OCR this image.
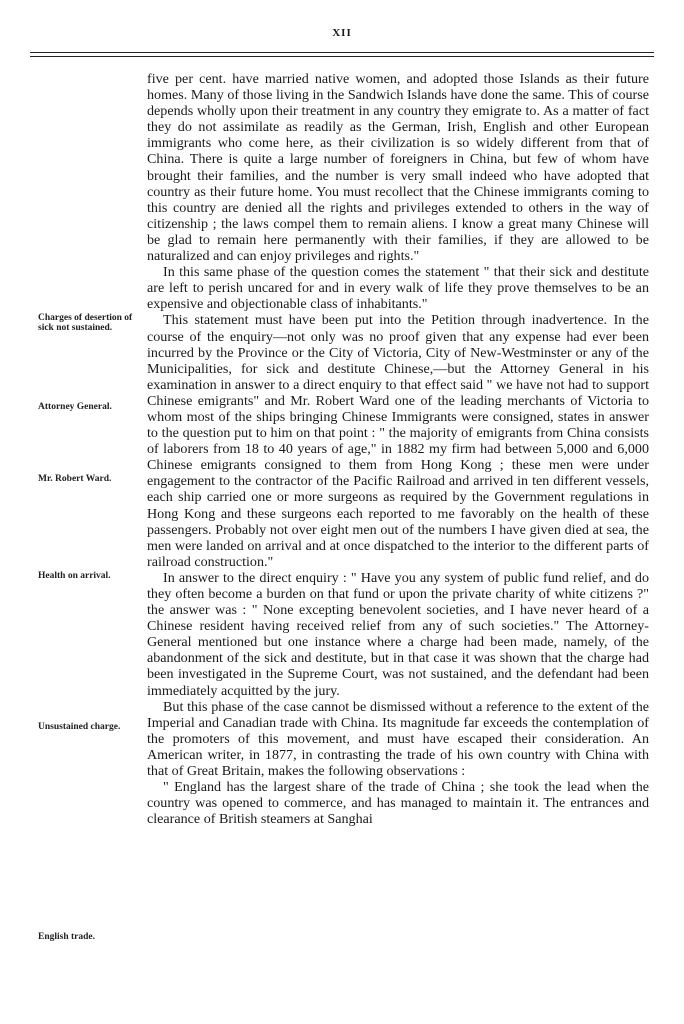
XII
Charges of desertion of sick not sustained.
Attorney General.
Mr. Robert Ward.
Health on arrival.
Unsustained charge.
English trade.

five per cent. have married native women, and adopted those Islands as their future homes. Many of those living in the Sandwich Islands have done the same. This of course depends wholly upon their treatment in any country they emigrate to. As a matter of fact they do not assimilate as readily as the German, Irish, English and other European immigrants who come here, as their civilization is so widely different from that of China. There is quite a large number of foreigners in China, but few of whom have brought their families, and the number is very small indeed who have adopted that country as their future home. You must recollect that the Chinese immigrants coming to this country are denied all the rights and privileges extended to others in the way of citizenship ; the laws compel them to remain aliens. I know a great many Chinese will be glad to remain here permanently with their families, if they are allowed to be naturalized and can enjoy privileges and rights."

In this same phase of the question comes the statement " that their sick and destitute are left to perish uncared for and in every walk of life they prove themselves to be an expensive and objectionable class of inhabitants."

This statement must have been put into the Petition through inadvertence. In the course of the enquiry—not only was no proof given that any expense had ever been incurred by the Province or the City of Victoria, City of New-Westminster or any of the Municipalities, for sick and destitute Chinese,—but the Attorney General in his examination in answer to a direct enquiry to that effect said " we have not had to support Chinese emigrants" and Mr. Robert Ward one of the leading merchants of Victoria to whom most of the ships bringing Chinese Immigrants were consigned, states in answer to the question put to him on that point : " the majority of emigrants from China consists of laborers from 18 to 40 years of age," in 1882 my firm had between 5,000 and 6,000 Chinese emigrants consigned to them from Hong Kong ; these men were under engagement to the contractor of the Pacific Railroad and arrived in ten different vessels, each ship carried one or more surgeons as required by the Government regulations in Hong Kong and these surgeons each reported to me favorably on the health of these passengers. Probably not over eight men out of the numbers I have given died at sea, the men were landed on arrival and at once dispatched to the interior to the different parts of railroad construction."

In answer to the direct enquiry : " Have you any system of public fund relief, and do they often become a burden on that fund or upon the private charity of white citizens ?" the answer was : " None excepting benevolent societies, and I have never heard of a Chinese resident having received relief from any of such societies." The Attorney-General mentioned but one instance where a charge had been made, namely, of the abandonment of the sick and destitute, but in that case it was shown that the charge had been investigated in the Supreme Court, was not sustained, and the defendant had been immediately acquitted by the jury.

But this phase of the case cannot be dismissed without a reference to the extent of the Imperial and Canadian trade with China. Its magnitude far exceeds the contemplation of the promoters of this movement, and must have escaped their consideration. An American writer, in 1877, in contrasting the trade of his own country with China with that of Great Britain, makes the following observations :

" England has the largest share of the trade of China ; she took the lead when the country was opened to commerce, and has managed to maintain it. The entrances and clearance of British steamers at Sanghai
